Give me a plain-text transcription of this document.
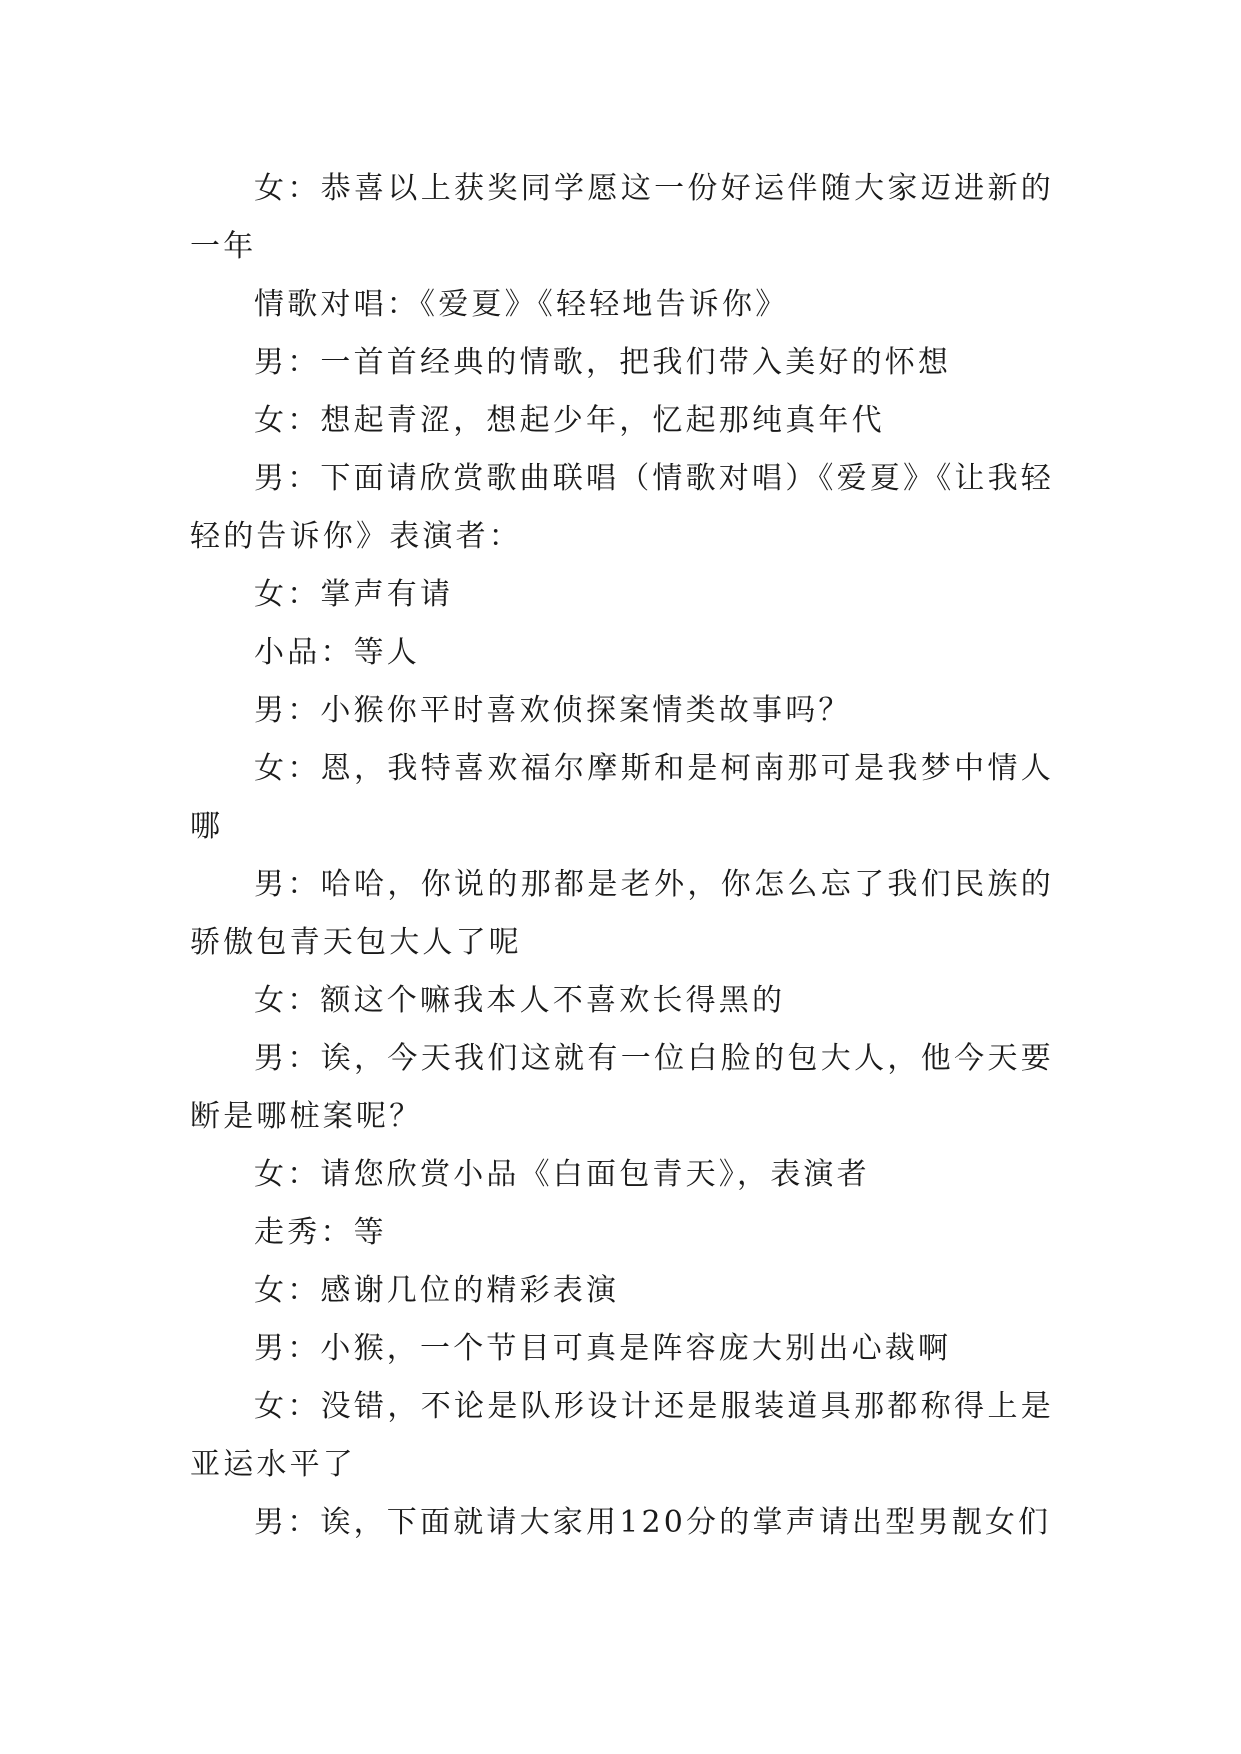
女：恭喜以上获奖同学愿这一份好运伴随大家迈进新的一年

情歌对唱：《爱夏》《轻轻地告诉你》

男：一首首经典的情歌，把我们带入美好的怀想

女：想起青涩，想起少年，忆起那纯真年代

男：下面请欣赏歌曲联唱（情歌对唱）《爱夏》《让我轻轻的告诉你》表演者：

女：掌声有请

小品：等人

男：小猴你平时喜欢侦探案情类故事吗？

女：恩，我特喜欢福尔摩斯和是柯南那可是我梦中情人哪

男：哈哈，你说的那都是老外，你怎么忘了我们民族的骄傲包青天包大人了呢

女：额这个嘛我本人不喜欢长得黑的

男：诶，今天我们这就有一位白脸的包大人，他今天要断是哪桩案呢？

女：请您欣赏小品《白面包青天》，表演者

走秀：等

女：感谢几位的精彩表演

男：小猴，一个节目可真是阵容庞大别出心裁啊

女：没错，不论是队形设计还是服装道具那都称得上是亚运水平了

男：诶，下面就请大家用120分的掌声请出型男靓女们
